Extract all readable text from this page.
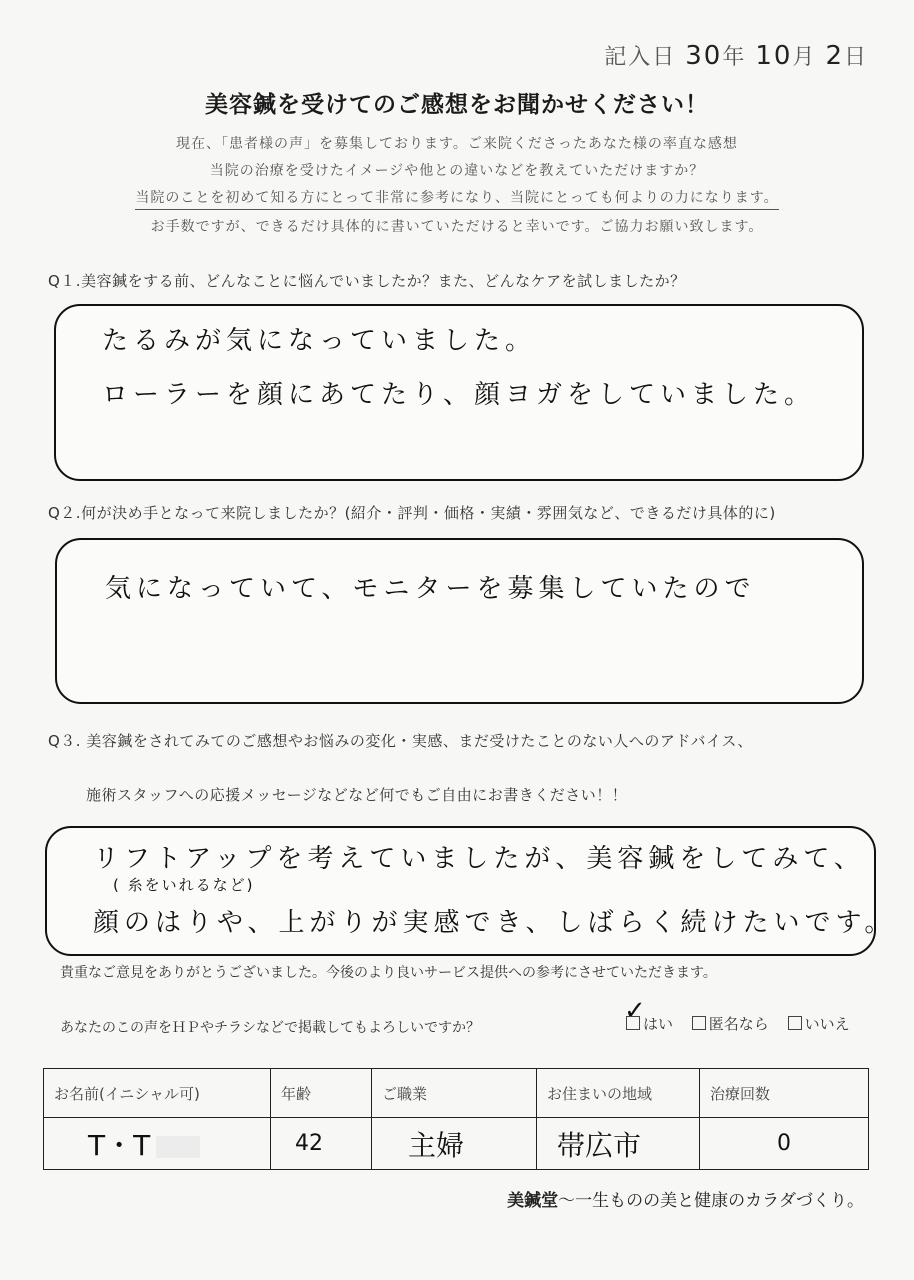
記入日 30年 10月 2日
美容鍼を受けてのご感想をお聞かせください！
現在、「患者様の声」を募集しております。ご来院くださったあなた様の率直な感想
当院の治療を受けたイメージや他との違いなどを教えていただけますか？
当院のことを初めて知る方にとって非常に参考になり、当院にとっても何よりの力になります。
お手数ですが、できるだけ具体的に書いていただけると幸いです。ご協力お願い致します。
Q１.美容鍼をする前、どんなことに悩んでいましたか？また、どんなケアを試しましたか？
たるみが気になっていました。
ローラーを顔にあてたり、顔ヨガをしていました。
Q２.何が決め手となって来院しましたか？(紹介・評判・価格・実績・雰囲気など、できるだけ具体的に)
気になっていて、モニターを募集していたので
Q３. 美容鍼をされてみてのご感想やお悩みの変化・実感、まだ受けたことのない人へのアドバイス、
施術スタッフへの応援メッセージなどなど何でもご自由にお書きください！！
リフトアップを考えていましたが、美容鍼をしてみて、
( 糸をいれるなど)
顔のはりや、上がりが実感でき、しばらく続けたいです。
貴重なご意見をありがとうございました。今後のより良いサービス提供への参考にさせていただきます。
あなたのこの声をＨＰやチラシなどで掲載してもよろしいですか？
✓
はい 匿名なら いいえ
お名前(イニシャル可)	年齢	ご職業	お住まいの地域	治療回数
T・T	42	主婦	帯広市	0
美鍼堂〜一生ものの美と健康のカラダづくり。
